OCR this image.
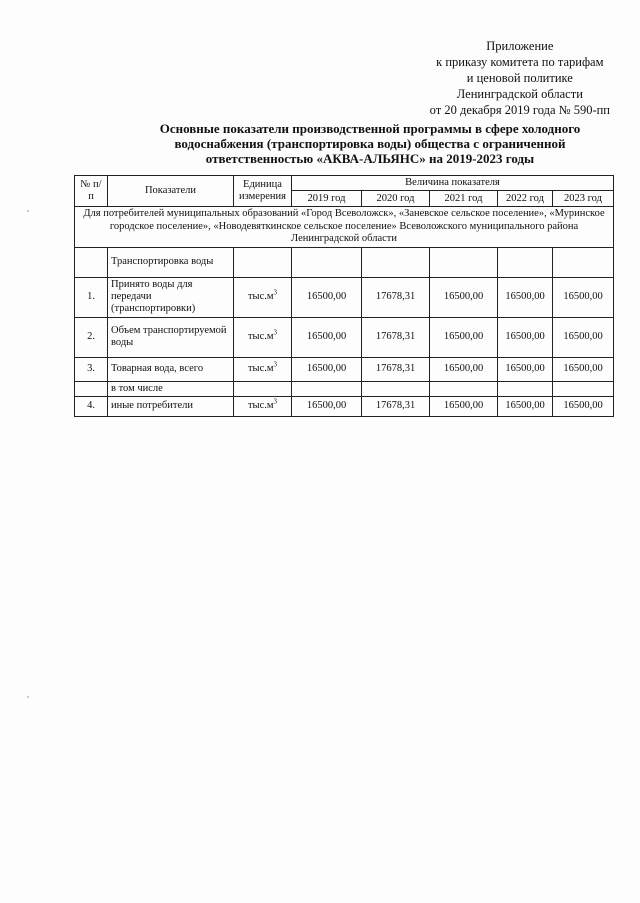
Приложение
к приказу комитета по тарифам
и ценовой политике
Ленинградской области
от 20 декабря 2019 года № 590-пп
Основные показатели производственной программы в сфере холодного водоснабжения (транспортировка воды) общества с ограниченной ответственностью «АКВА-АЛЬЯНС» на 2019-2023 годы
№ п/п	Показатели	Единица измерения	Величина показателя				
			2019 год	2020 год	2021 год	2022 год	2023 год
Для потребителей муниципальных образований «Город Всеволожск», «Заневское сельское поселение», «Муринское городское поселение», «Новодевяткинское сельское поселение» Всеволожского муниципального района Ленинградской области							
	Транспортировка воды						
1.	Принято воды для передачи (транспортировки)	$тыс.м^3$	16500,00	17678,31	16500,00	16500,00	16500,00
2.	Объем транспортируемой воды	$тыс.м^3$	16500,00	17678,31	16500,00	16500,00	16500,00
3.	Товарная вода, всего	$тыс.м^3$	16500,00	17678,31	16500,00	16500,00	16500,00
	в том числе						
4.	иные потребители	$тыс.м^3$	16500,00	17678,31	16500,00	16500,00	16500,00
